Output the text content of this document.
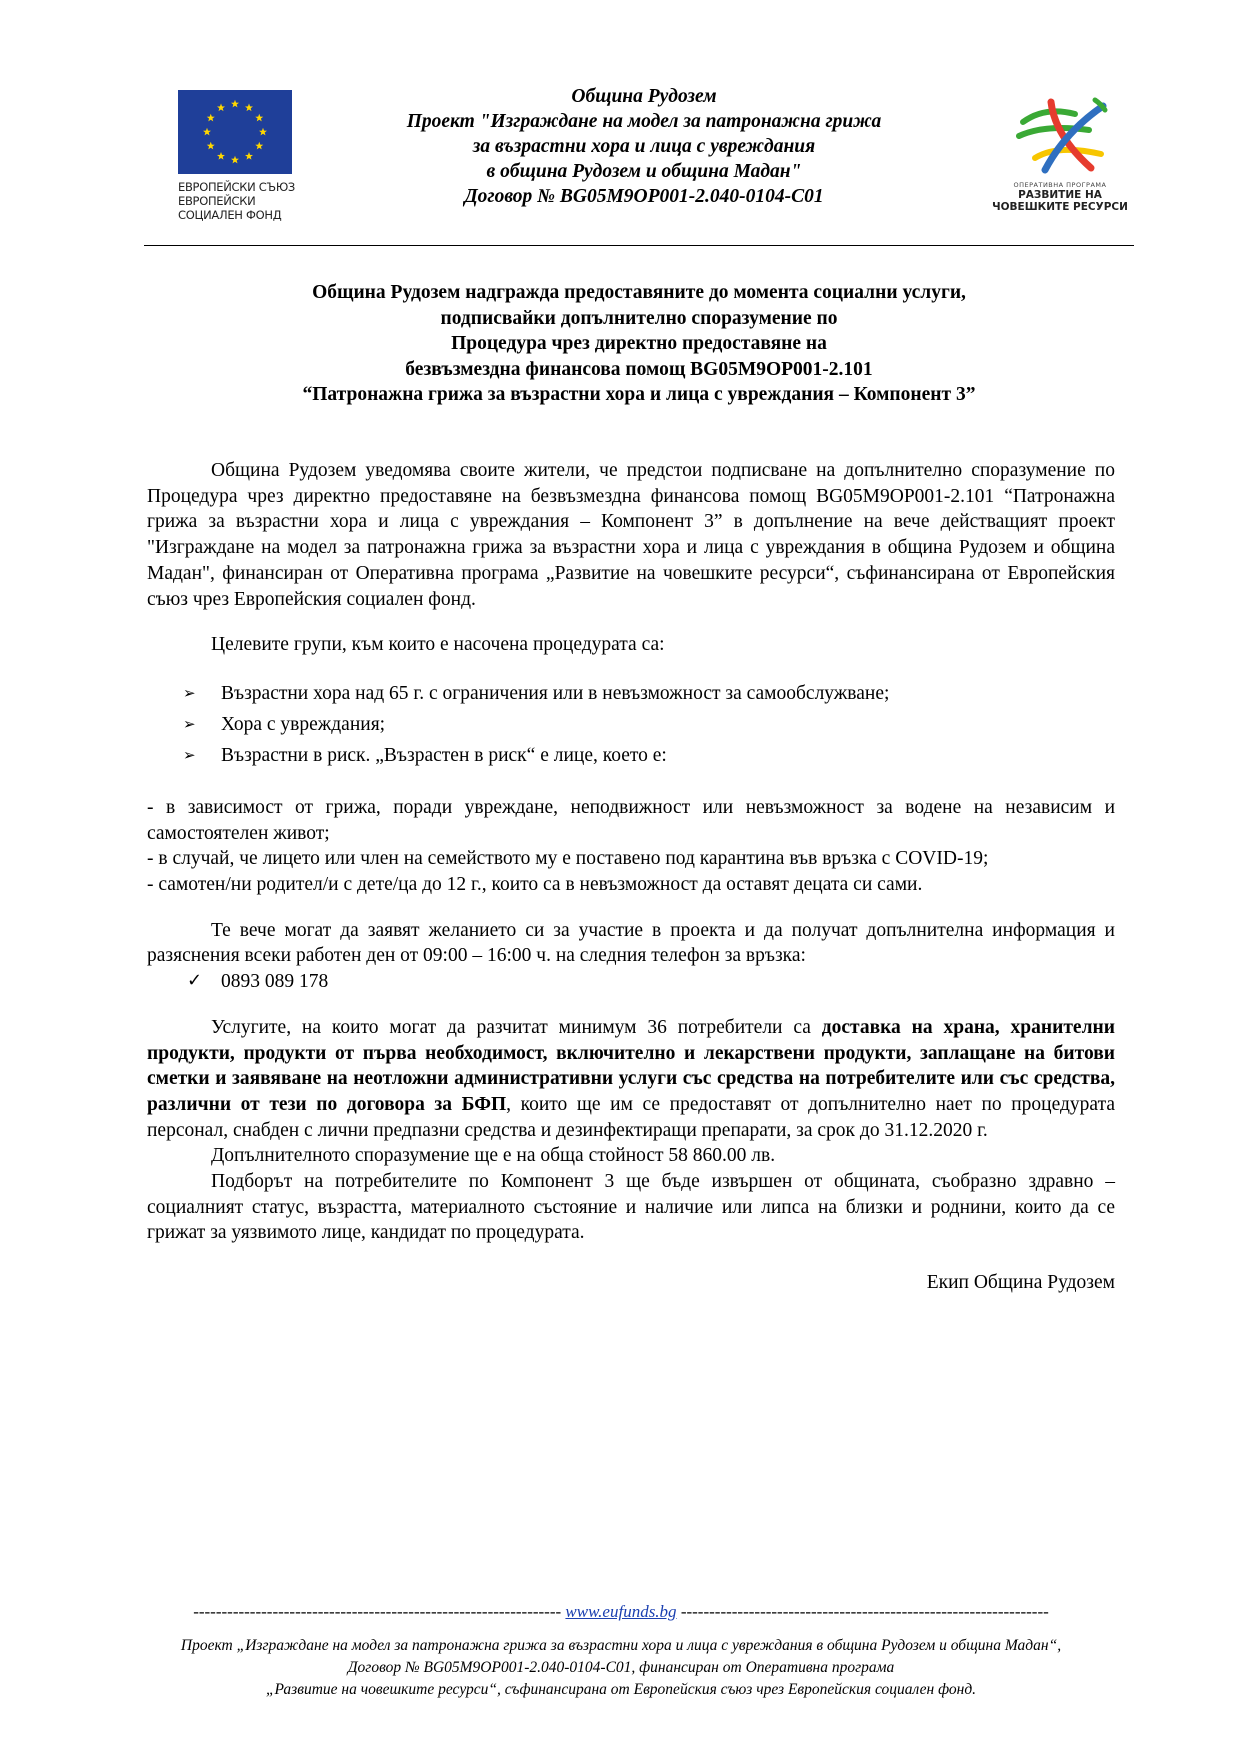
ЕВРОПЕЙСКИ СЪЮЗ
ЕВРОПЕЙСКИ
СОЦИАЛЕН ФОНД
Община Рудозем
Проект "Изграждане на модел за патронажна грижа
за възрастни хора и лица с увреждания
в община Рудозем и община Мадан"
Договор № BG05M9OP001-2.040-0104-C01
ОПЕРАТИВНА ПРОГРАМА
РАЗВИТИЕ НА
ЧОВЕШКИТЕ РЕСУРСИ
Община Рудозем надгражда предоставяните до момента социални услуги,
подписвайки допълнително споразумение по
Процедура чрез директно предоставяне на
безвъзмездна финансова помощ BG05M9OP001-2.101
“Патронажна грижа за възрастни хора и лица с увреждания – Компонент 3”

Община Рудозем уведомява своите жители, че предстои подписване на допълнително споразумение по Процедура чрез директно предоставяне на безвъзмездна финансова помощ BG05M9OP001-2.101 “Патронажна грижа за възрастни хора и лица с увреждания – Компонент 3” в допълнение на вече действащият проект "Изграждане на модел за патронажна грижа за възрастни хора и лица с увреждания в община Рудозем и община Мадан", финансиран от Оперативна програма „Развитие на човешките ресурси“, съфинансирана от Европейския съюз чрез Европейския социален фонд.

Целевите групи, към които е насочена процедурата са:

➢ Възрастни хора над 65 г. с ограничения или в невъзможност за самообслужване;
➢ Хора с увреждания;
➢ Възрастни в риск. „Възрастен в риск“ е лице, което е:

- в зависимост от грижа, поради увреждане, неподвижност или невъзможност за водене на независим и самостоятелен живот;

- в случай, че лицето или член на семейството му е поставено под карантина във връзка с COVID-19;

- самотен/ни родител/и с дете/ца до 12 г., които са в невъзможност да оставят децата си сами.

Те вече могат да заявят желанието си за участие в проекта и да получат допълнителна информация и разяснения всеки работен ден от 09:00 – 16:00 ч. на следния телефон за връзка:

✓ 0893 089 178

Услугите, на които могат да разчитат минимум 36 потребители са доставка на храна, хранителни продукти, продукти от първа необходимост, включително и лекарствени продукти, заплащане на битови сметки и заявяване на неотложни административни услуги със средства на потребителите или със средства, различни от тези по договора за БФП, които ще им се предоставят от допълнително нает по процедурата персонал, снабден с лични предпазни средства и дезинфектиращи препарати, за срок до 31.12.2020 г.

Допълнителното споразумение ще е на обща стойност 58 860.00 лв.

Подборът на потребителите по Компонент 3 ще бъде извършен от общината, съобразно здравно – социалният статус, възрастта, материалното състояние и наличие или липса на близки и роднини, които да се грижат за уязвимото лице, кандидат по процедурата.

Екип Община Рудозем

----------------------------------------------------------------- www.eufunds.bg -----------------------------------------------------------------
Проект „Изграждане на модел за патронажна грижа за възрастни хора и лица с увреждания в община Рудозем и община Мадан“,
Договор № BG05M9OP001-2.040-0104-C01, финансиран от Оперативна програма
„Развитие на човешките ресурси“, съфинансирана от Европейския съюз чрез Европейския социален фонд.
